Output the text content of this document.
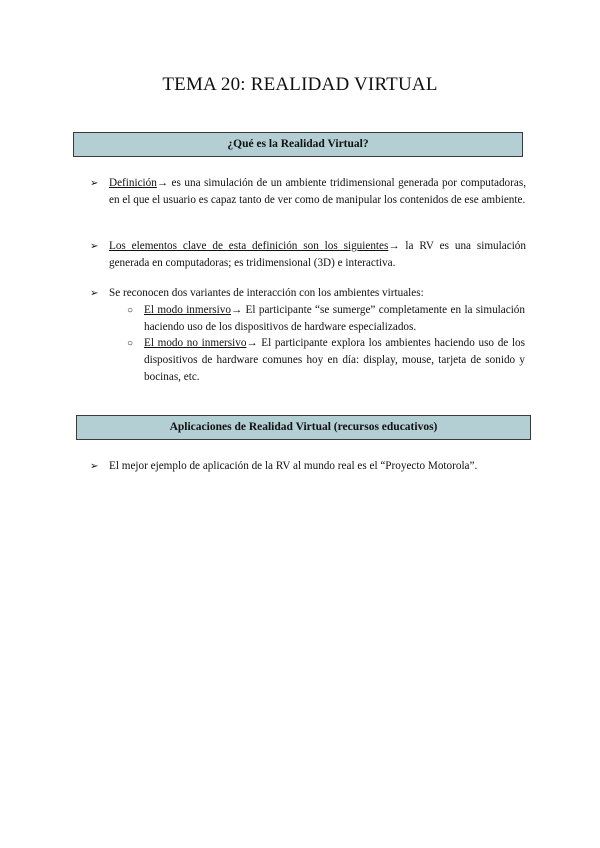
TEMA 20: REALIDAD VIRTUAL
¿Qué es la Realidad Virtual?
➢ Definición→ es una simulación de un ambiente tridimensional generada por computadoras, en el que el usuario es capaz tanto de ver como de manipular los contenidos de ese ambiente.
➢ Los elementos clave de esta definición son los siguientes→ la RV es una simulación generada en computadoras; es tridimensional (3D) e interactiva.
➢ Se reconocen dos variantes de interacción con los ambientes virtuales:
○ El modo inmersivo→ El participante “se sumerge” completamente en la simulación haciendo uso de los dispositivos de hardware especializados.
○ El modo no inmersivo→ El participante explora los ambientes haciendo uso de los dispositivos de hardware comunes hoy en día: display, mouse, tarjeta de sonido y bocinas, etc.
Aplicaciones de Realidad Virtual (recursos educativos)
➢ El mejor ejemplo de aplicación de la RV al mundo real es el “Proyecto Motorola”.
